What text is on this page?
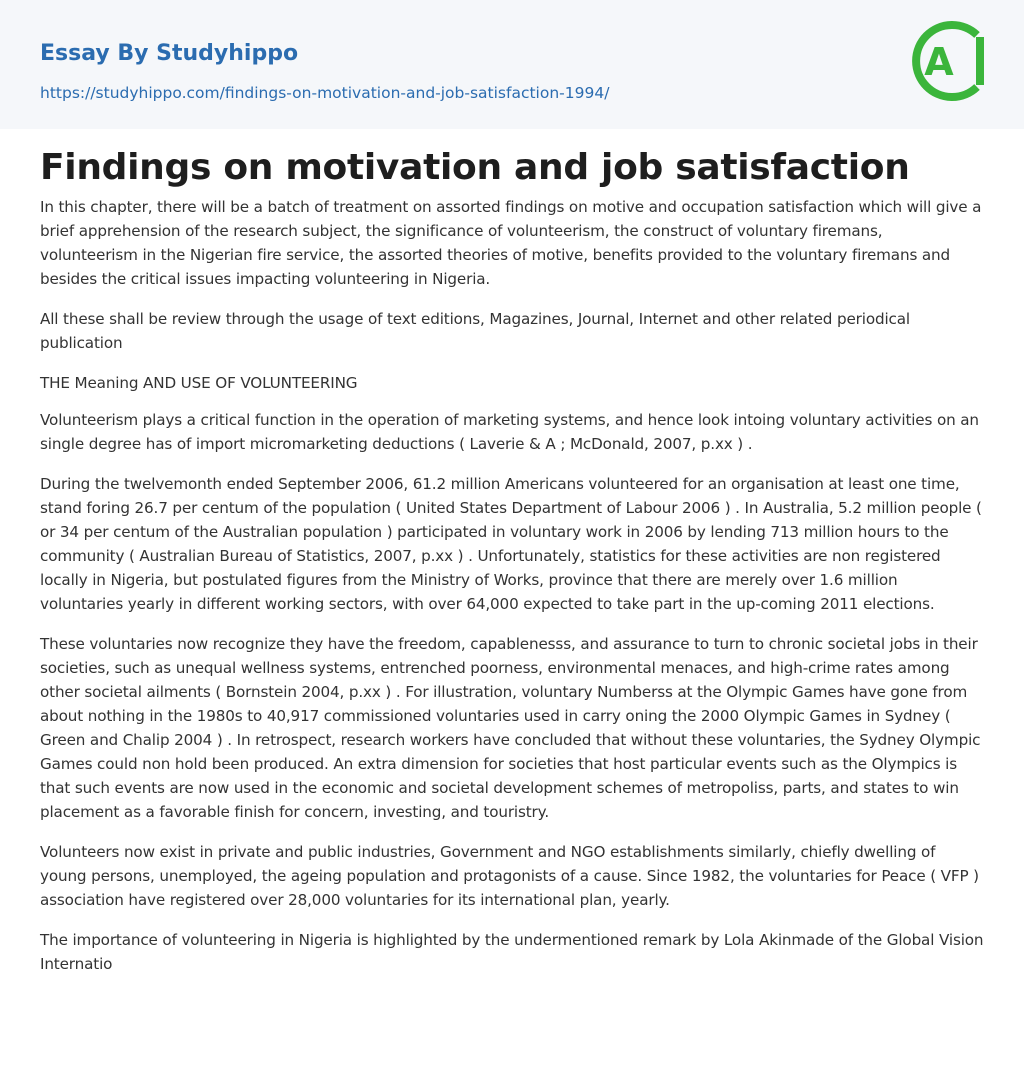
Essay By Studyhippo
https://studyhippo.com/findings-on-motivation-and-job-satisfaction-1994/
A
Findings on motivation and job satisfaction

In this chapter, there will be a batch of treatment on assorted findings on motive and occupation satisfaction which will give a brief apprehension of the research subject, the significance of volunteerism, the construct of voluntary firemans, volunteerism in the Nigerian fire service, the assorted theories of motive, benefits provided to the voluntary firemans and besides the critical issues impacting volunteering in Nigeria.

All these shall be review through the usage of text editions, Magazines, Journal, Internet and other related periodical publication

THE Meaning AND USE OF VOLUNTEERING

Volunteerism plays a critical function in the operation of marketing systems, and hence look intoing voluntary activities on an single degree has of import micromarketing deductions ( Laverie & A ; McDonald, 2007, p.xx ) .

During the twelvemonth ended September 2006, 61.2 million Americans volunteered for an organisation at least one time, stand foring 26.7 per centum of the population ( United States Department of Labour 2006 ) . In Australia, 5.2 million people ( or 34 per centum of the Australian population ) participated in voluntary work in 2006 by lending 713 million hours to the community ( Australian Bureau of Statistics, 2007, p.xx ) . Unfortunately, statistics for these activities are non registered locally in Nigeria, but postulated figures from the Ministry of Works, province that there are merely over 1.6 million voluntaries yearly in different working sectors, with over 64,000 expected to take part in the up-coming 2011 elections.

These voluntaries now recognize they have the freedom, capablenesss, and assurance to turn to chronic societal jobs in their societies, such as unequal wellness systems, entrenched poorness, environmental menaces, and high-crime rates among other societal ailments ( Bornstein 2004, p.xx ) . For illustration, voluntary Numberss at the Olympic Games have gone from about nothing in the 1980s to 40,917 commissioned voluntaries used in carry oning the 2000 Olympic Games in Sydney ( Green and Chalip 2004 ) . In retrospect, research workers have concluded that without these voluntaries, the Sydney Olympic Games could non hold been produced. An extra dimension for societies that host particular events such as the Olympics is that such events are now used in the economic and societal development schemes of metropoliss, parts, and states to win placement as a favorable finish for concern, investing, and touristry.

Volunteers now exist in private and public industries, Government and NGO establishments similarly, chiefly dwelling of young persons, unemployed, the ageing population and protagonists of a cause. Since 1982, the voluntaries for Peace ( VFP ) association have registered over 28,000 voluntaries for its international plan, yearly.

The importance of volunteering in Nigeria is highlighted by the undermentioned remark by Lola Akinmade of the Global Vision Internatio
